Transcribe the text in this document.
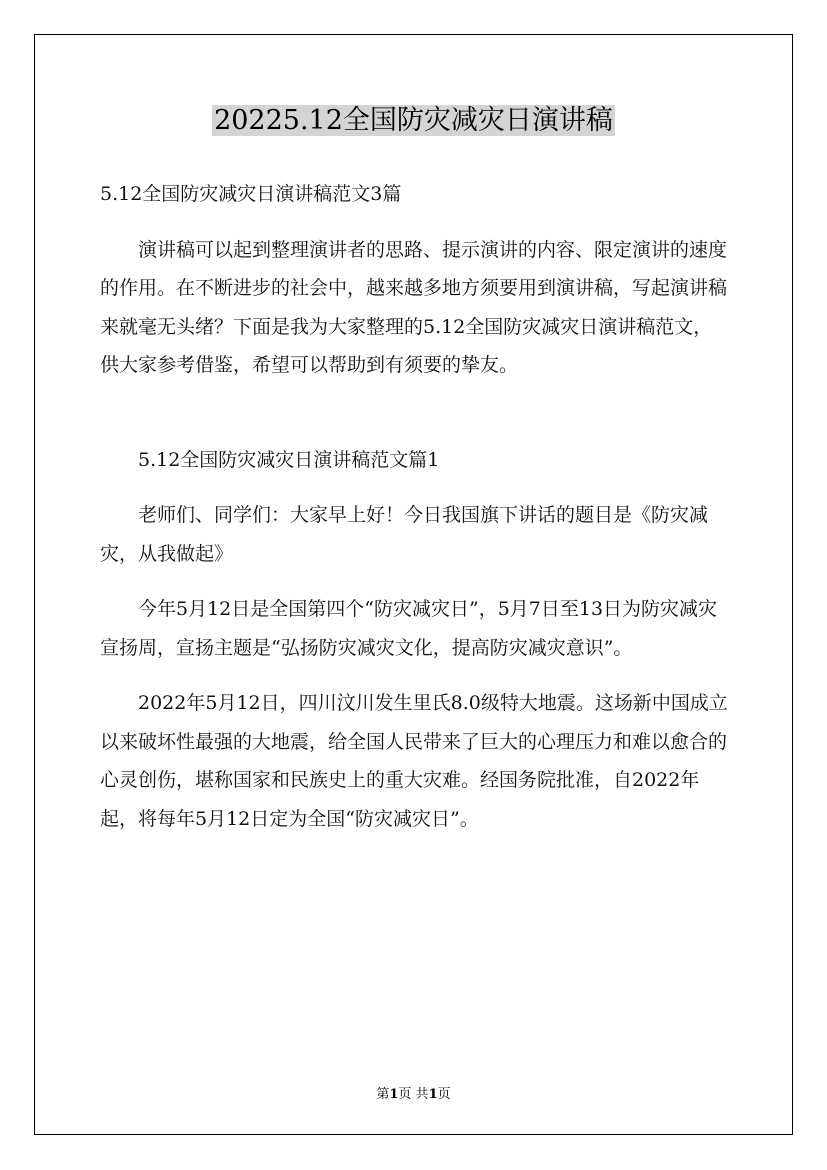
20225.12全国防灾减灾日演讲稿

5.12全国防灾减灾日演讲稿范文3篇

演讲稿可以起到整理演讲者的思路、提示演讲的内容、限定演讲的速度的作用。在不断进步的社会中，越来越多地方须要用到演讲稿，写起演讲稿来就毫无头绪？下面是我为大家整理的5.12全国防灾减灾日演讲稿范文，供大家参考借鉴，希望可以帮助到有须要的挚友。

5.12全国防灾减灾日演讲稿范文篇1

老师们、同学们：大家早上好！今日我国旗下讲话的题目是《防灾减灾，从我做起》

今年5月12日是全国第四个“防灾减灾日”，5月7日至13日为防灾减灾宣扬周，宣扬主题是“弘扬防灾减灾文化，提高防灾减灾意识”。

2022年5月12日，四川汶川发生里氏8.0级特大地震。这场新中国成立以来破坏性最强的大地震，给全国人民带来了巨大的心理压力和难以愈合的心灵创伤，堪称国家和民族史上的重大灾难。经国务院批准，自2022年起，将每年5月12日定为全国“防灾减灾日”。

第1页 共1页
